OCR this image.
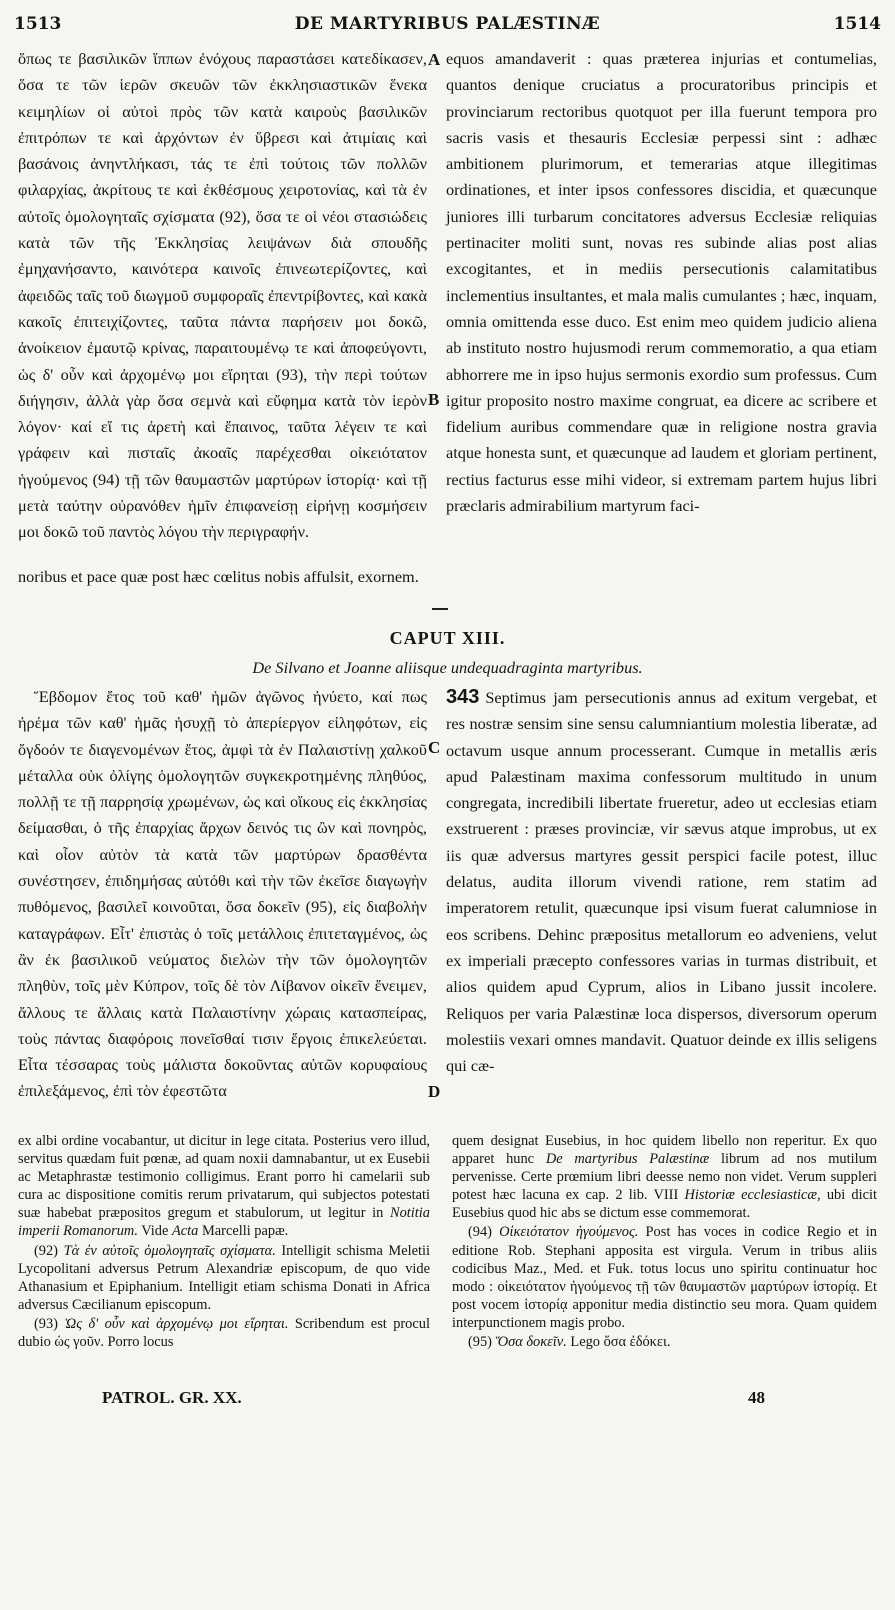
1513	DE MARTYRIBUS PALÆSTINÆ	1514

ὅπως τε βασιλικῶν ἵππων ἐνόχους παραστάσει κατεδίκασεν, ὅσα τε τῶν ἱερῶν σκευῶν τῶν ἐκκλησιαστικῶν ἕνεκα κειμηλίων οἱ αὐτοὶ πρὸς τῶν κατὰ καιροὺς βασιλικῶν ἐπιτρόπων τε καὶ ἀρχόντων ἐν ὕβρεσι καὶ ἀτιμίαις καὶ βασάνοις ἀνηντλήκασι, τάς τε ἐπὶ τούτοις τῶν πολλῶν φιλαρχίας, ἀκρίτους τε καὶ ἐκθέσμους χειροτονίας, καὶ τὰ ἐν αὐτοῖς ὁμολογηταῖς σχίσματα (92), ὅσα τε οἱ νέοι στασιώδεις κατὰ τῶν τῆς Ἐκκλησίας λειψάνων διὰ σπουδῆς ἐμηχανήσαντο, καινότερα καινοῖς ἐπινεωτερίζοντες, καὶ ἀφειδῶς ταῖς τοῦ διωγμοῦ συμφοραῖς ἐπεντρίβοντες, καὶ κακὰ κακοῖς ἐπιτειχίζοντες, ταῦτα πάντα παρήσειν μοι δοκῶ, ἀνοίκειον ἐμαυτῷ κρίνας, παραιτουμένῳ τε καὶ ἀποφεύγοντι, ὡς δ' οὖν καὶ ἀρχομένῳ μοι εἴρηται (93), τὴν περὶ τούτων διήγησιν, ἀλλὰ γὰρ ὅσα σεμνὰ καὶ εὔφημα κατὰ τὸν ἱερὸν λόγον· καί εἴ τις ἀρετὴ καὶ ἔπαινος, ταῦτα λέγειν τε καὶ γράφειν καὶ πισταῖς ἀκοαῖς παρέχεσθαι οἰκειότατον ἡγούμενος (94) τῇ τῶν θαυμαστῶν μαρτύρων ἱστορίᾳ· καὶ τῇ μετὰ ταύτην οὐρανόθεν ἡμῖν ἐπιφανείσῃ εἰρήνῃ κοσμήσειν μοι δοκῶ τοῦ παντὸς λόγου τὴν περιγραφήν.

A
B

equos amandaverit : quas præterea injurias et contumelias, quantos denique cruciatus a procuratoribus principis et provinciarum rectoribus quotquot per illa fuerunt tempora pro sacris vasis et thesauris Ecclesiæ perpessi sint : adhæc ambitionem plurimorum, et temerarias atque illegitimas ordinationes, et inter ipsos confessores discidia, et quæcunque juniores illi turbarum concitatores adversus Ecclesiæ reliquias pertinaciter moliti sunt, novas res subinde alias post alias excogitantes, et in mediis persecutionis calamitatibus inclementius insultantes, et mala malis cumulantes ; hæc, inquam, omnia omittenda esse duco. Est enim meo quidem judicio aliena ab instituto nostro hujusmodi rerum commemoratio, a qua etiam abhorrere me in ipso hujus sermonis exordio sum professus. Cum igitur proposito nostro maxime congruat, ea dicere ac scribere et fidelium auribus commendare quæ in religione nostra gravia atque honesta sunt, et quæcunque ad laudem et gloriam pertinent, rectius facturus esse mihi videor, si extremam partem hujus libri præclaris admirabilium martyrum faci-

noribus et pace quæ post hæc cœlitus nobis affulsit, exornem.
CAPUT XIII.
De Silvano et Joanne aliisque undequadraginta martyribus.

Ἕβδομον ἔτος τοῦ καθ' ἡμῶν ἀγῶνος ἠνύετο, καί πως ἠρέμα τῶν καθ' ἡμᾶς ἡσυχῇ τὸ ἀπερίεργον εἰληφότων, εἰς ὄγδοόν τε διαγενομένων ἔτος, ἀμφὶ τὰ ἐν Παλαιστίνῃ χαλκοῦ μέταλλα οὐκ ὀλίγης ὁμολογητῶν συγκεκροτημένης πληθύος, πολλῇ τε τῇ παρρησίᾳ χρωμένων, ὡς καὶ οἴκους εἰς ἐκκλησίας δείμασθαι, ὁ τῆς ἐπαρχίας ἄρχων δεινός τις ὢν καὶ πονηρὸς, καὶ οἷον αὐτὸν τὰ κατὰ τῶν μαρτύρων δρασθέντα συνέστησεν, ἐπιδημήσας αὐτόθι καὶ τὴν τῶν ἐκεῖσε διαγωγὴν πυθόμενος, βασιλεῖ κοινοῦται, ὅσα δοκεῖν (95), εἰς διαβολὴν καταγράφων. Εἶτ' ἐπιστὰς ὁ τοῖς μετάλλοις ἐπιτεταγμένος, ὡς ἂν ἐκ βασιλικοῦ νεύματος διελὼν τὴν τῶν ὁμολογητῶν πληθὺν, τοῖς μὲν Κύπρον, τοῖς δὲ τὸν Λίβανον οἰκεῖν ἔνειμεν, ἄλλους τε ἄλλαις κατὰ Παλαιστίνην χώραις κατασπείρας, τοὺς πάντας διαφόροις πονεῖσθαί τισιν ἔργοις ἐπικελεύεται. Εἶτα τέσσαρας τοὺς μάλιστα δοκοῦντας αὐτῶν κορυφαίους ἐπιλεξάμενος, ἐπὶ τὸν ἐφεστῶτα

C
D

343 Septimus jam persecutionis annus ad exitum vergebat, et res nostræ sensim sine sensu calumniantium molestia liberatæ, ad octavum usque annum processerant. Cumque in metallis æris apud Palæstinam maxima confessorum multitudo in unum congregata, incredibili libertate frueretur, adeo ut ecclesias etiam exstruerent : præses provinciæ, vir sævus atque improbus, ut ex iis quæ adversus martyres gessit perspici facile potest, illuc delatus, audita illorum vivendi ratione, rem statim ad imperatorem retulit, quæcunque ipsi visum fuerat calumniose in eos scribens. Dehinc præpositus metallorum eo adveniens, velut ex imperiali præcepto confessores varias in turmas distribuit, et alios quidem apud Cyprum, alios in Libano jussit incolere. Reliquos per varia Palæstinæ loca dispersos, diversorum operum molestiis vexari omnes mandavit. Quatuor deinde ex illis seligens qui cæ-

ex albi ordine vocabantur, ut dicitur in lege citata. Posterius vero illud, servitus quædam fuit pœnæ, ad quam noxii damnabantur, ut ex Eusebii ac Metaphrastæ testimonio colligimus. Erant porro hi camelarii sub cura ac dispositione comitis rerum privatarum, qui subjectos potestati suæ habebat præpositos gregum et stabulorum, ut legitur in Notitia imperii Romanorum. Vide Acta Marcelli papæ.

(92) Τὰ ἐν αὐτοῖς ὁμολογηταῖς σχίσματα. Intelligit schisma Meletii Lycopolitani adversus Petrum Alexandriæ episcopum, de quo vide Athanasium et Epiphanium. Intelligit etiam schisma Donati in Africa adversus Cæcilianum episcopum.

(93) Ὡς δ' οὖν καὶ ἀρχομένῳ μοι εἴρηται. Scribendum est procul dubio ὡς γοῦν. Porro locus

quem designat Eusebius, in hoc quidem libello non reperitur. Ex quo apparet hunc De martyribus Palæstinæ librum ad nos mutilum pervenisse. Certe prœmium libri deesse nemo non videt. Verum suppleri potest hæc lacuna ex cap. 2 lib. VIII Historiæ ecclesiasticæ, ubi dicit Eusebius quod hic abs se dictum esse commemorat.

(94) Οἰκειότατον ἡγούμενος. Post has voces in codice Regio et in editione Rob. Stephani apposita est virgula. Verum in tribus aliis codicibus Maz., Med. et Fuk. totus locus uno spiritu continuatur hoc modo : οἰκειότατον ἡγούμενος τῇ τῶν θαυμαστῶν μαρτύρων ἱστορίᾳ. Et post vocem ἱστορίᾳ apponitur media distinctio seu mora. Quam quidem interpunctionem magis probo.

(95) Ὅσα δοκεῖν. Lego ὅσα ἐδόκει.

PATROL. GR. XX.	48
